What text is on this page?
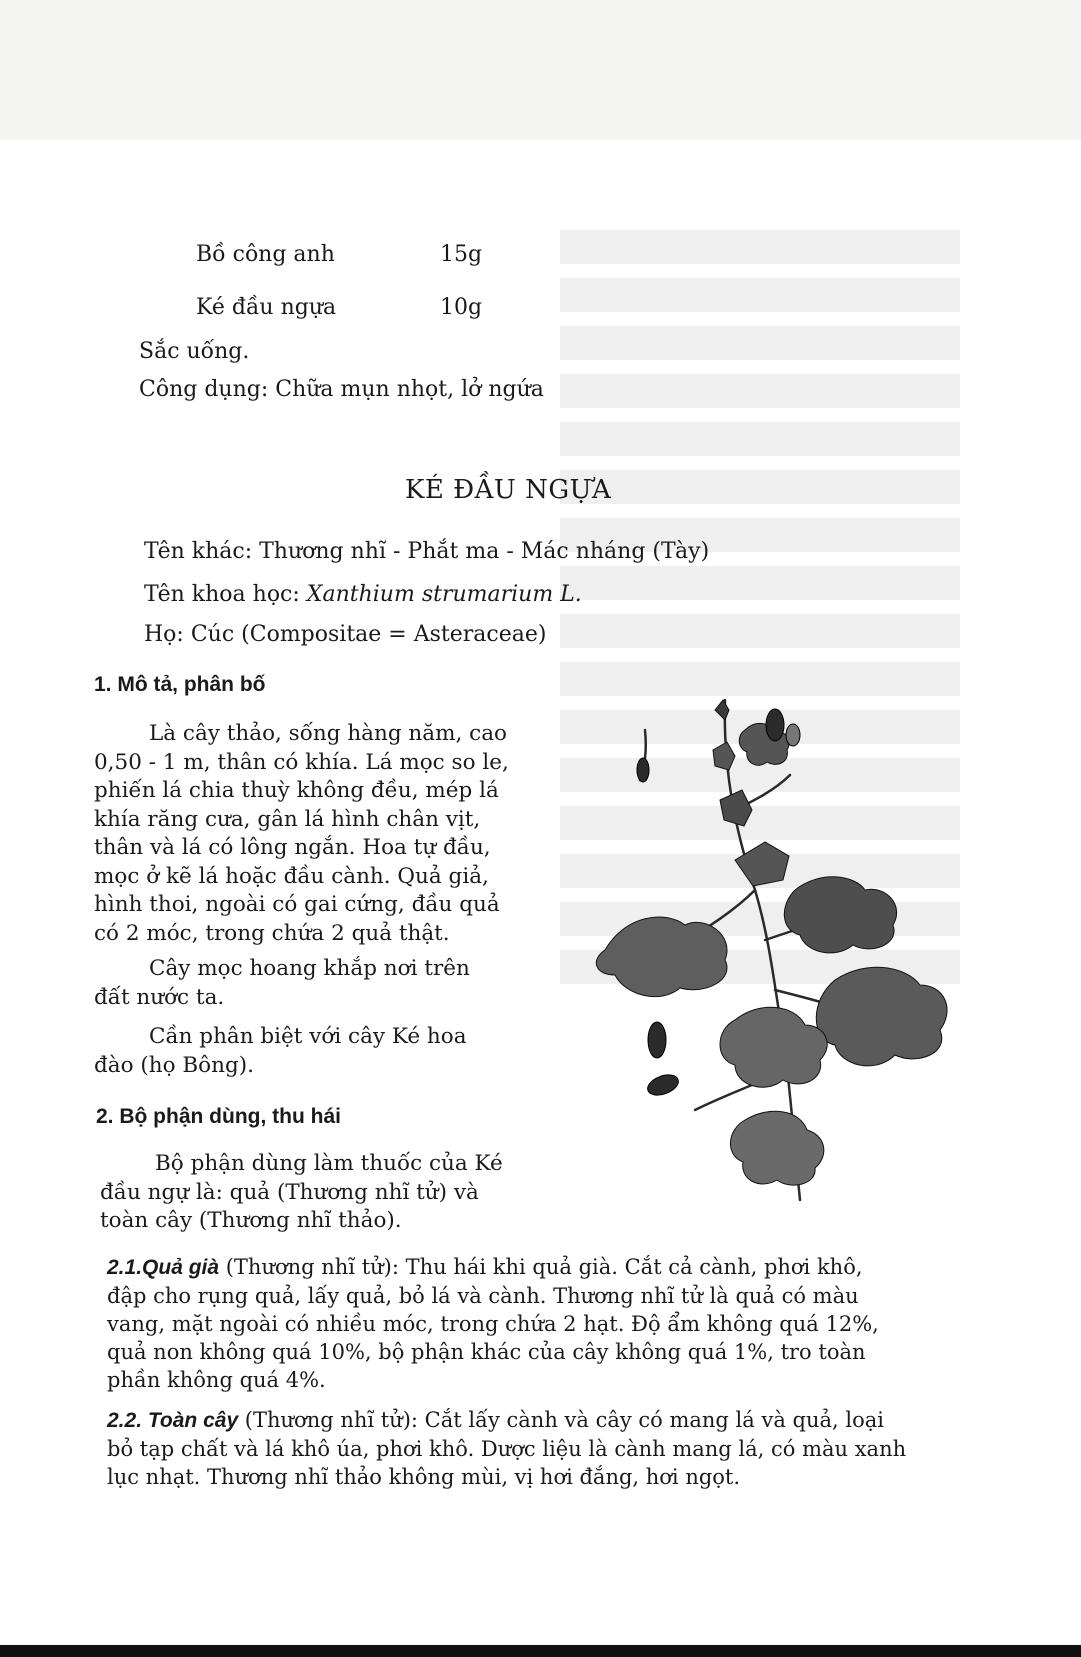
Bồ công anh	15g

Ké đầu ngựa	10g

Sắc uống.

Công dụng: Chữa mụn nhọt, lở ngứa

KÉ ĐẦU NGỰA

Tên khác: Thương nhĩ - Phắt ma - Mác nháng (Tày)

Tên khoa học: Xanthium strumarium L.

Họ: Cúc (Compositae = Asteraceae)

1. Mô tả, phân bố
Là cây thảo, sống hàng năm, cao
0,50 - 1 m, thân có khía. Lá mọc so le,
phiến lá chia thuỳ không đều, mép lá
khía răng cưa, gân lá hình chân vịt,
thân và lá có lông ngắn. Hoa tự đầu,
mọc ở kẽ lá hoặc đầu cành. Quả giả,
hình thoi, ngoài có gai cứng, đầu quả
có 2 móc, trong chứa 2 quả thật.
Cây mọc hoang khắp nơi trên
đất nước ta.
Cần phân biệt với cây Ké hoa
đào (họ Bông).
2. Bộ phận dùng, thu hái
Bộ phận dùng làm thuốc của Ké
đầu ngự là: quả (Thương nhĩ tử) và
toàn cây (Thương nhĩ thảo).
2.1.Quả già (Thương nhĩ tử): Thu hái khi quả già. Cắt cả cành, phơi khô,
đập cho rụng quả, lấy quả, bỏ lá và cành. Thương nhĩ tử là quả có màu
vang, mặt ngoài có nhiều móc, trong chứa 2 hạt. Độ ẩm không quá 12%,
quả non không quá 10%, bộ phận khác của cây không quá 1%, tro toàn
phần không quá 4%.
2.2. Toàn cây (Thương nhĩ tử): Cắt lấy cành và cây có mang lá và quả, loại
bỏ tạp chất và lá khô úa, phơi khô. Dược liệu là cành mang lá, có màu xanh
lục nhạt. Thương nhĩ thảo không mùi, vị hơi đắng, hơi ngọt.
